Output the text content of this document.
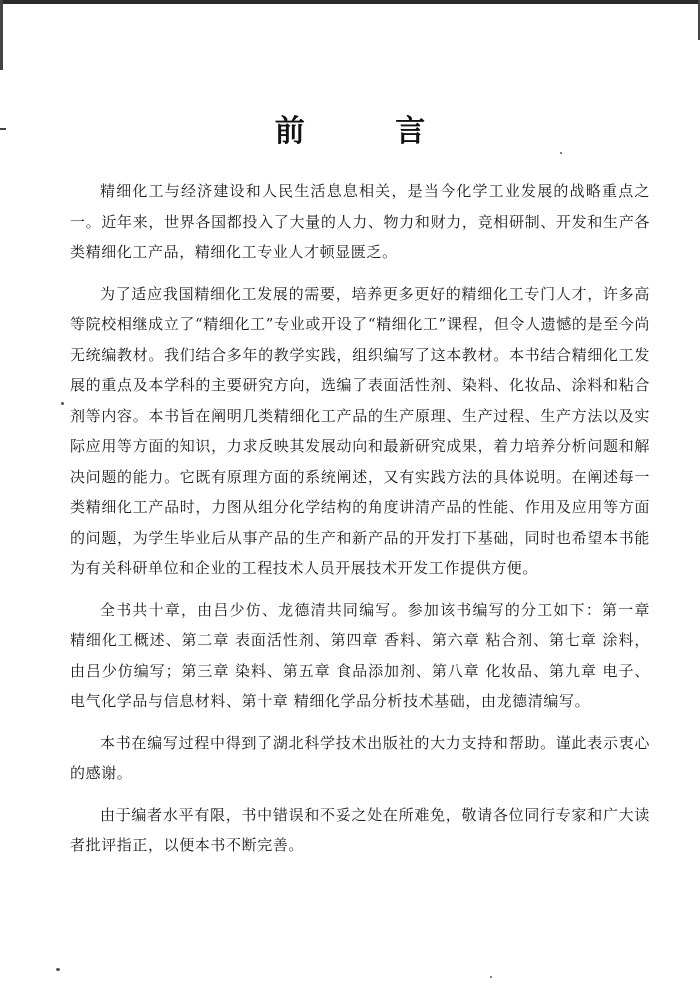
前 言

精细化工与经济建设和人民生活息息相关，是当今化学工业发展的战略重点之一。近年来，世界各国都投入了大量的人力、物力和财力，竞相研制、开发和生产各类精细化工产品，精细化工专业人才顿显匮乏。

为了适应我国精细化工发展的需要，培养更多更好的精细化工专门人才，许多高等院校相继成立了“精细化工”专业或开设了“精细化工”课程，但令人遗憾的是至今尚无统编教材。我们结合多年的教学实践，组织编写了这本教材。本书结合精细化工发展的重点及本学科的主要研究方向，选编了表面活性剂、染料、化妆品、涂料和粘合剂等内容。本书旨在阐明几类精细化工产品的生产原理、生产过程、生产方法以及实际应用等方面的知识，力求反映其发展动向和最新研究成果，着力培养分析问题和解决问题的能力。它既有原理方面的系统阐述，又有实践方法的具体说明。在阐述每一类精细化工产品时，力图从组分化学结构的角度讲清产品的性能、作用及应用等方面的问题，为学生毕业后从事产品的生产和新产品的开发打下基础，同时也希望本书能为有关科研单位和企业的工程技术人员开展技术开发工作提供方便。

全书共十章，由吕少仿、龙德清共同编写。参加该书编写的分工如下：第一章 精细化工概述、第二章 表面活性剂、第四章 香料、第六章 粘合剂、第七章 涂料，由吕少仿编写；第三章 染料、第五章 食品添加剂、第八章 化妆品、第九章 电子、电气化学品与信息材料、第十章 精细化学品分析技术基础，由龙德清编写。

本书在编写过程中得到了湖北科学技术出版社的大力支持和帮助。谨此表示衷心的感谢。

由于编者水平有限，书中错误和不妥之处在所难免，敬请各位同行专家和广大读者批评指正，以便本书不断完善。
